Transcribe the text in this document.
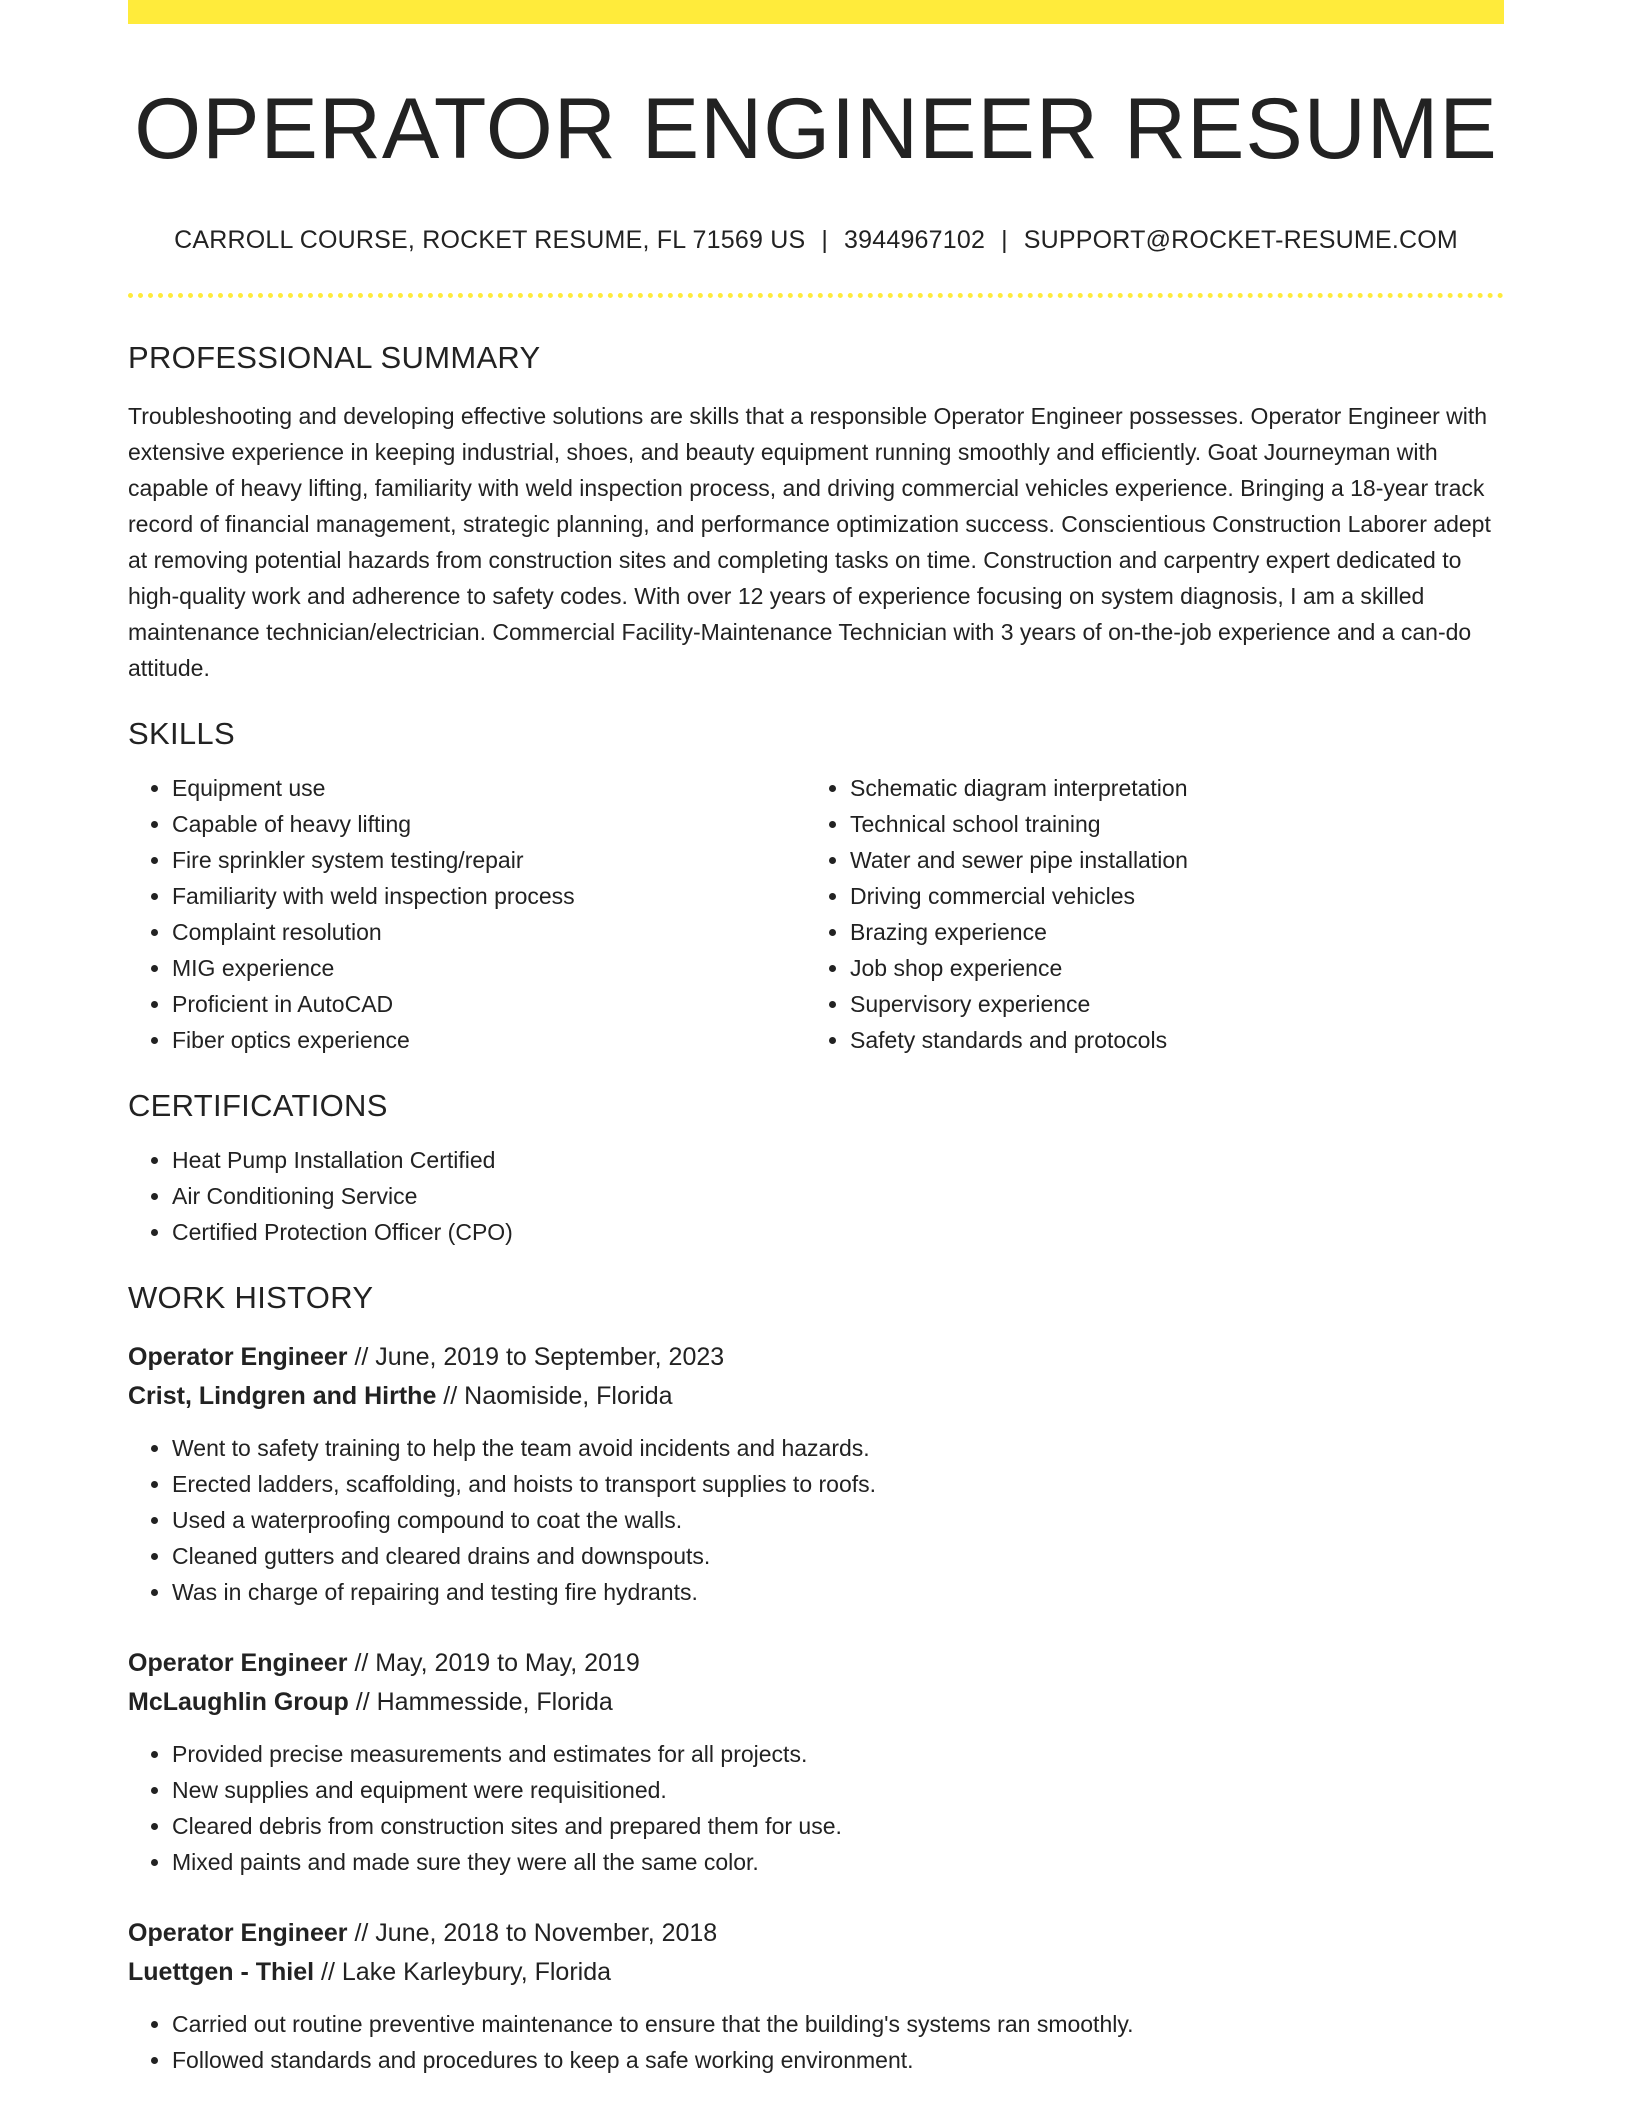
OPERATOR ENGINEER RESUME
CARROLL COURSE, ROCKET RESUME, FL 71569 US | 3944967102 | SUPPORT@ROCKET-RESUME.COM
PROFESSIONAL SUMMARY

Troubleshooting and developing effective solutions are skills that a responsible Operator Engineer possesses. Operator Engineer with extensive experience in keeping industrial, shoes, and beauty equipment running smoothly and efficiently. Goat Journeyman with capable of heavy lifting, familiarity with weld inspection process, and driving commercial vehicles experience. Bringing a 18-year track record of financial management, strategic planning, and performance optimization success. Conscientious Construction Laborer adept at removing potential hazards from construction sites and completing tasks on time. Construction and carpentry expert dedicated to high-quality work and adherence to safety codes. With over 12 years of experience focusing on system diagnosis, I am a skilled maintenance technician/electrician. Commercial Facility-Maintenance Technician with 3 years of on-the-job experience and a can-do attitude.

SKILLS
• Equipment use
• Capable of heavy lifting
• Fire sprinkler system testing/repair
• Familiarity with weld inspection process
• Complaint resolution
• MIG experience
• Proficient in AutoCAD
• Fiber optics experience
• Schematic diagram interpretation
• Technical school training
• Water and sewer pipe installation
• Driving commercial vehicles
• Brazing experience
• Job shop experience
• Supervisory experience
• Safety standards and protocols
CERTIFICATIONS
• Heat Pump Installation Certified
• Air Conditioning Service
• Certified Protection Officer (CPO)
WORK HISTORY
Operator Engineer // June, 2019 to September, 2023
Crist, Lindgren and Hirthe // Naomiside, Florida
• Went to safety training to help the team avoid incidents and hazards.
• Erected ladders, scaffolding, and hoists to transport supplies to roofs.
• Used a waterproofing compound to coat the walls.
• Cleaned gutters and cleared drains and downspouts.
• Was in charge of repairing and testing fire hydrants.
Operator Engineer // May, 2019 to May, 2019
McLaughlin Group // Hammesside, Florida
• Provided precise measurements and estimates for all projects.
• New supplies and equipment were requisitioned.
• Cleared debris from construction sites and prepared them for use.
• Mixed paints and made sure they were all the same color.
Operator Engineer // June, 2018 to November, 2018
Luettgen - Thiel // Lake Karleybury, Florida
• Carried out routine preventive maintenance to ensure that the building's systems ran smoothly.
• Followed standards and procedures to keep a safe working environment.
